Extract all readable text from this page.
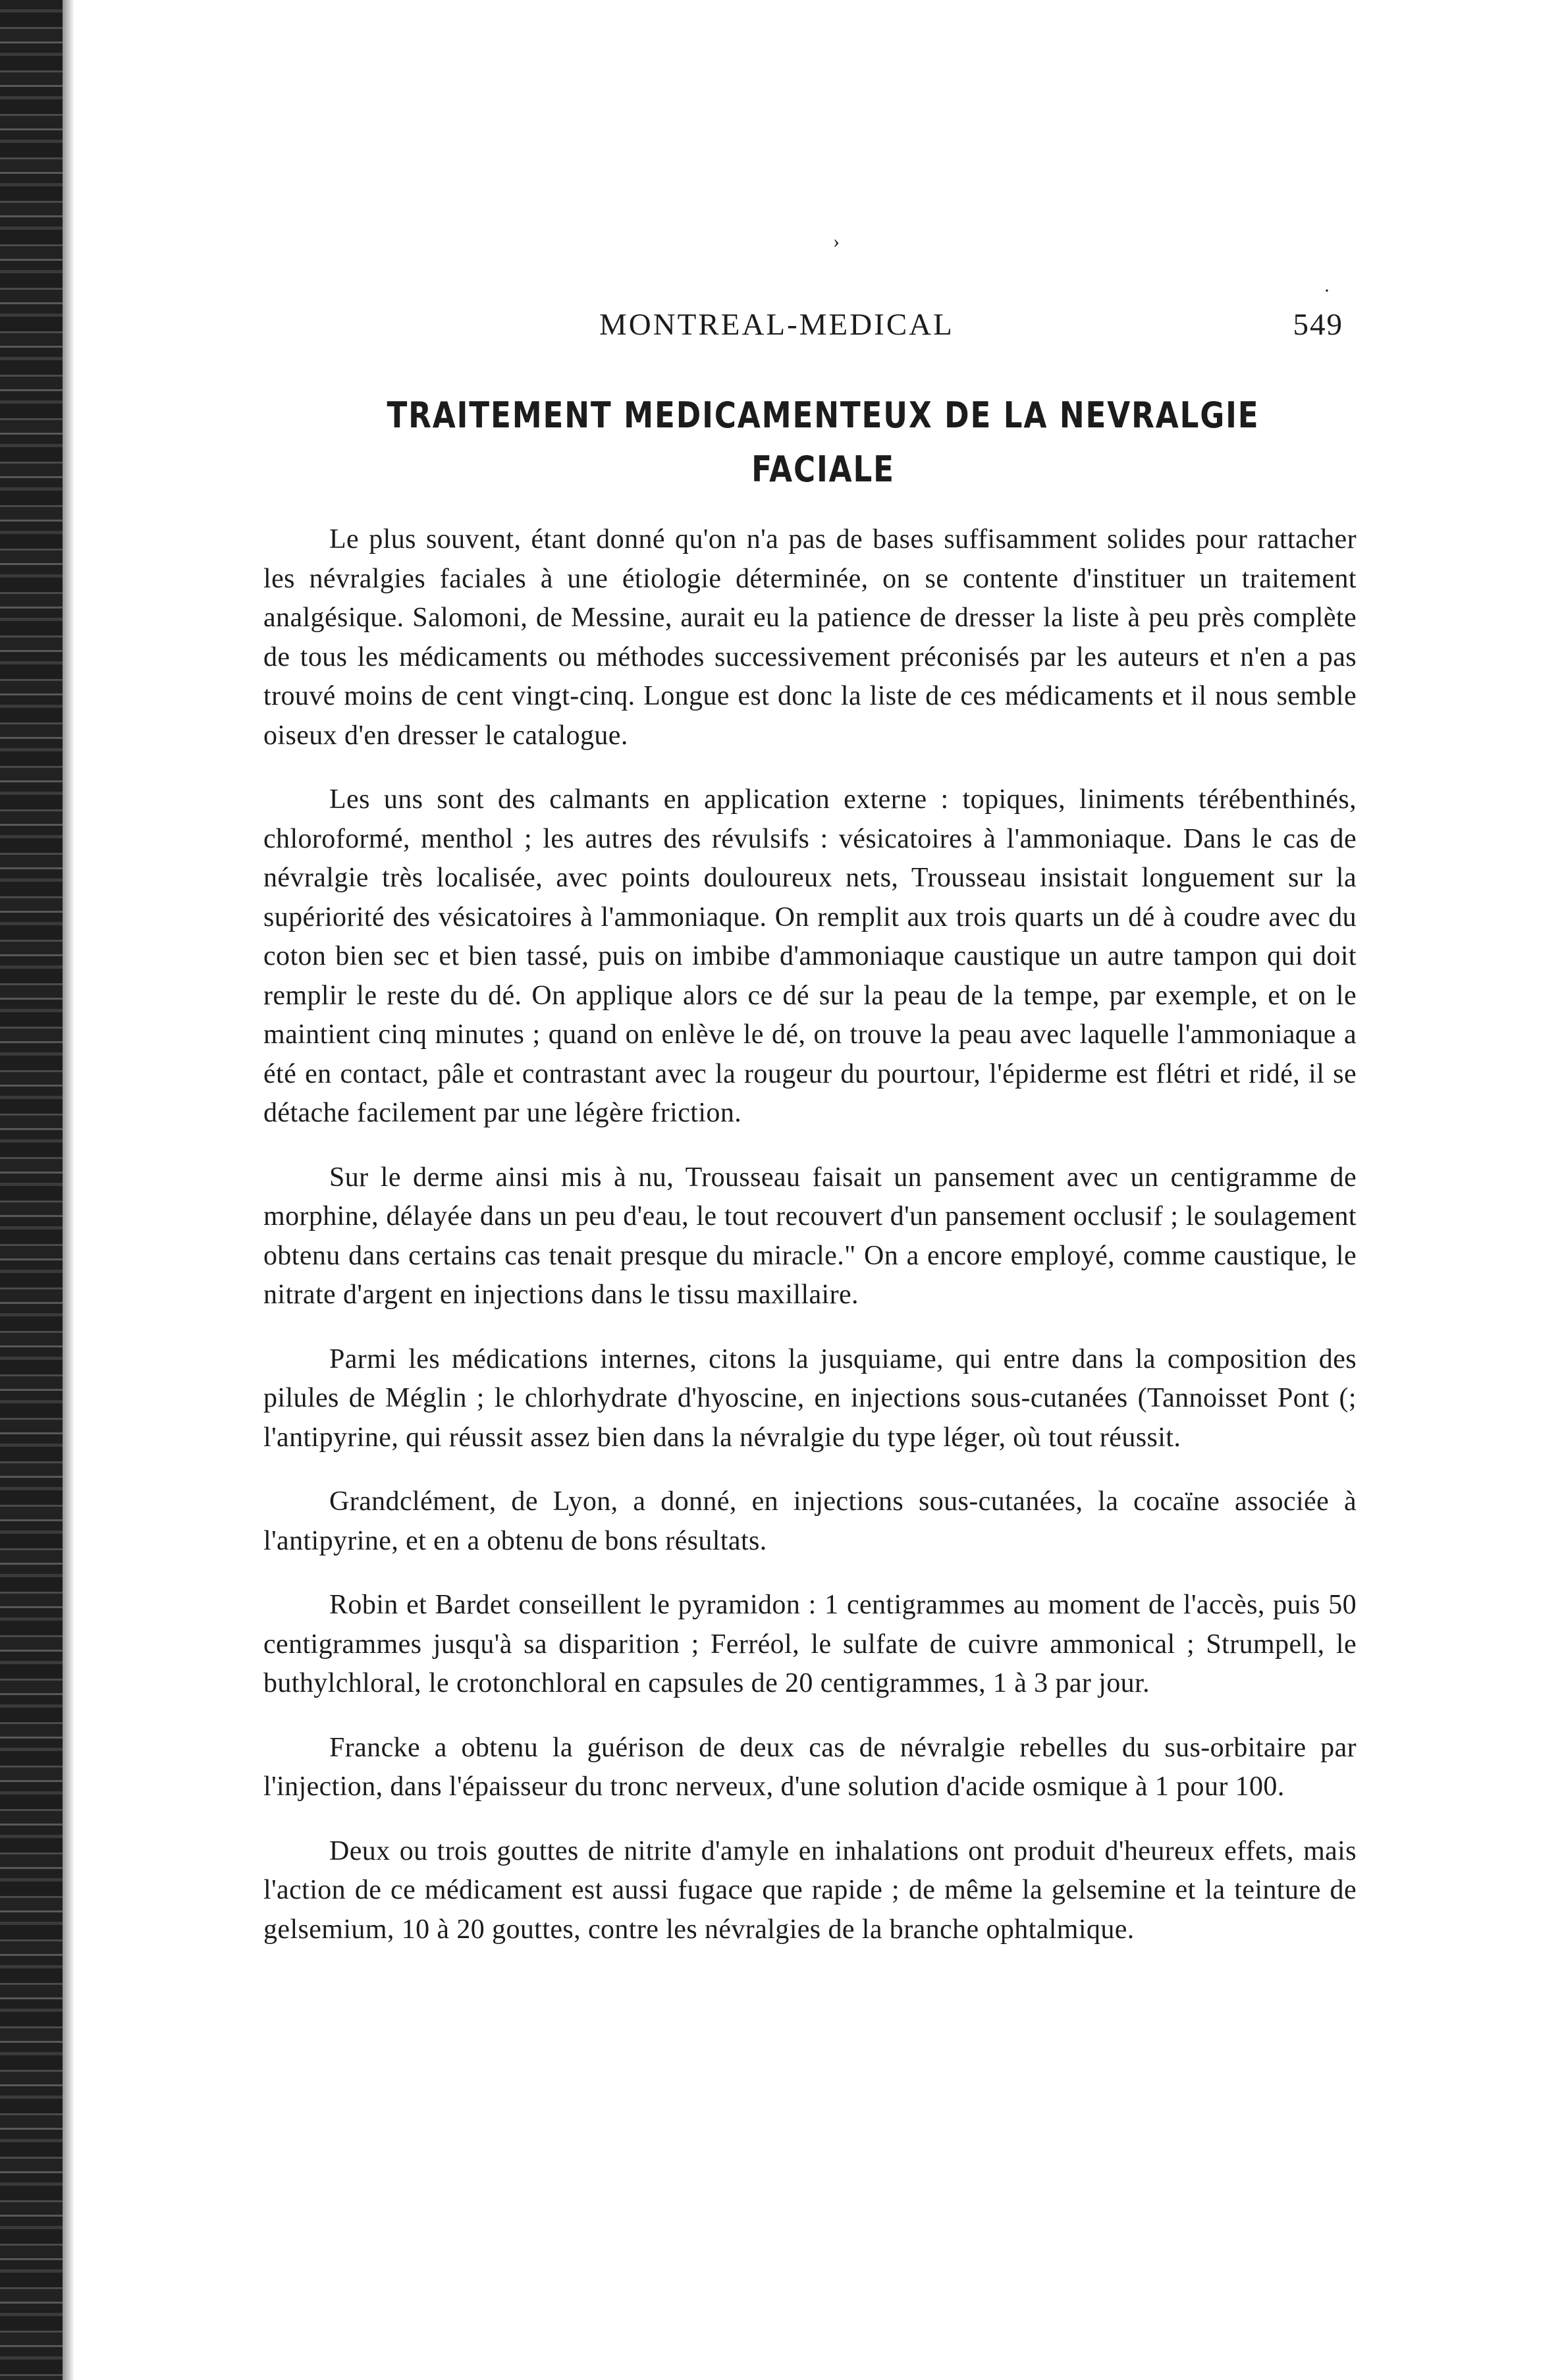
›
·
MONTREAL-MEDICAL	549
TRAITEMENT MEDICAMENTEUX DE LA NEVRALGIE
FACIALE

Le plus souvent, étant donné qu'on n'a pas de bases suffisamment solides pour rattacher les névralgies faciales à une étiologie déterminée, on se contente d'instituer un traitement analgésique. Salomoni, de Messine, aurait eu la patience de dresser la liste à peu près complète de tous les médicaments ou méthodes successivement préconisés par les auteurs et n'en a pas trouvé moins de cent vingt-cinq. Longue est donc la liste de ces médicaments et il nous semble oiseux d'en dresser le catalogue.

Les uns sont des calmants en application externe : topiques, liniments térébenthinés, chloroformé, menthol ; les autres des révulsifs : vésicatoires à l'ammoniaque. Dans le cas de névralgie très localisée, avec points douloureux nets, Trousseau insistait longuement sur la supériorité des vésicatoires à l'ammoniaque. On remplit aux trois quarts un dé à coudre avec du coton bien sec et bien tassé, puis on imbibe d'ammoniaque caustique un autre tampon qui doit remplir le reste du dé. On applique alors ce dé sur la peau de la tempe, par exemple, et on le maintient cinq minutes ; quand on enlève le dé, on trouve la peau avec laquelle l'ammoniaque a été en contact, pâle et contrastant avec la rougeur du pourtour, l'épiderme est flétri et ridé, il se détache facilement par une légère friction.

Sur le derme ainsi mis à nu, Trousseau faisait un pansement avec un centigramme de morphine, délayée dans un peu d'eau, le tout recouvert d'un pansement occlusif ; le soulagement obtenu dans certains cas tenait presque du miracle." On a encore employé, comme caustique, le nitrate d'argent en injections dans le tissu maxillaire.

Parmi les médications internes, citons la jusquiame, qui entre dans la composition des pilules de Méglin ; le chlorhydrate d'hyoscine, en injections sous-cutanées (Tannoisset Pont (; l'antipyrine, qui réussit assez bien dans la névralgie du type léger, où tout réussit.

Grandclément, de Lyon, a donné, en injections sous-cutanées, la cocaïne associée à l'antipyrine, et en a obtenu de bons résultats.

Robin et Bardet conseillent le pyramidon : 1 centigrammes au moment de l'accès, puis 50 centigrammes jusqu'à sa disparition ; Ferréol, le sulfate de cuivre ammonical ; Strumpell, le buthylchloral, le crotonchloral en capsules de 20 centigrammes, 1 à 3 par jour.

Francke a obtenu la guérison de deux cas de névralgie rebelles du sus-orbitaire par l'injection, dans l'épaisseur du tronc nerveux, d'une solution d'acide osmique à 1 pour 100.

Deux ou trois gouttes de nitrite d'amyle en inhalations ont produit d'heureux effets, mais l'action de ce médicament est aussi fugace que rapide ; de même la gelsemine et la teinture de gelsemium, 10 à 20 gouttes, contre les névralgies de la branche ophtalmique.
